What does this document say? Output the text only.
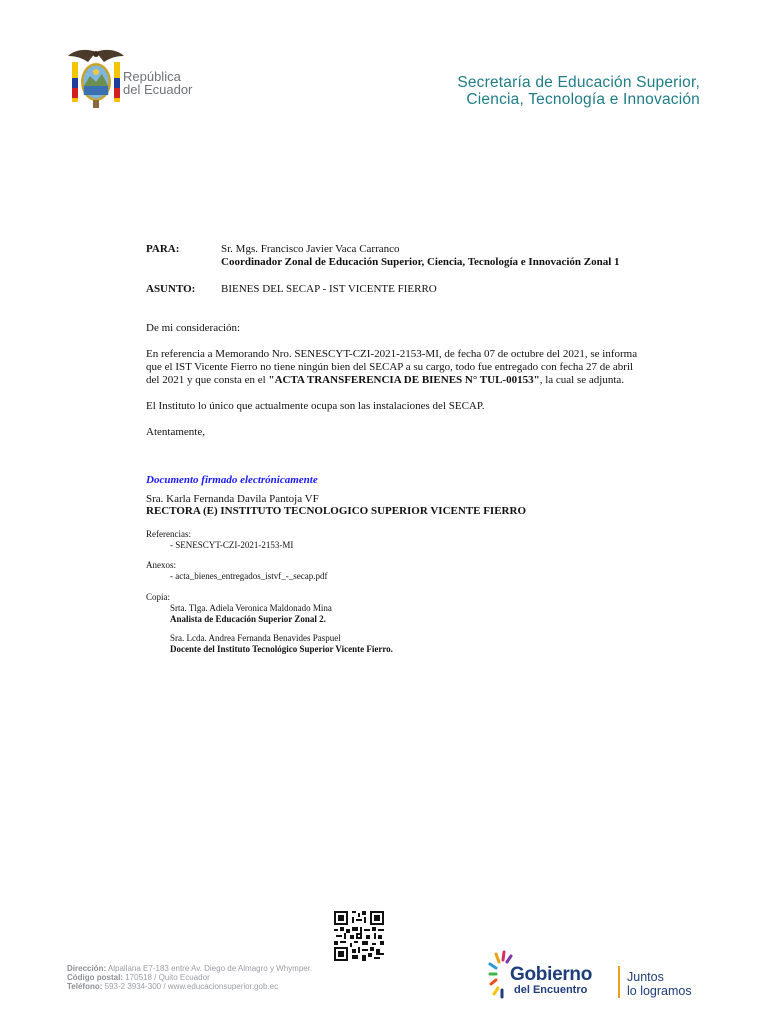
República
del Ecuador	Secretaría de Educación Superior,
Ciencia, Tecnología e Innovación
PARA:	Sr. Mgs. Francisco Javier Vaca Carranco
Coordinador Zonal de Educación Superior, Ciencia, Tecnología e Innovación Zonal 1
ASUNTO: BIENES DEL SECAP - IST VICENTE FIERRO
De mi consideración:
En referencia a Memorando Nro. SENESCYT-CZI-2021-2153-MI, de fecha 07 de octubre del 2021, se informa
que el IST Vicente Fierro no tiene ningún bien del SECAP a su cargo, todo fue entregado con fecha 27 de abril
del 2021 y que consta en el "ACTA TRANSFERENCIA DE BIENES N° TUL-00153", la cual se adjunta.
El Instituto lo único que actualmente ocupa son las instalaciones del SECAP.
Atentamente,
Documento firmado electrónicamente
Sra. Karla Fernanda Davila Pantoja VF
RECTORA (E) INSTITUTO TECNOLOGICO SUPERIOR VICENTE FIERRO
Referencias:
- SENESCYT-CZI-2021-2153-MI
Anexos:
- acta_bienes_entregados_istvf_-_secap.pdf
Copia:
Srta. Tlga. Adiela Veronica Maldonado Mina
Analista de Educación Superior Zonal 2.
Sra. Lcda. Andrea Fernanda Benavides Paspuel
Docente del Instituto Tecnológico Superior Vicente Fierro.
Dirección: Alpallana E7-183 entre Av. Diego de Almagro y Whymper.
Código postal: 170518 / Quito Ecuador
Teléfono: 593-2 3934-300 / www.educacionsuperior.gob.ec
Gobierno
del Encuentro
Juntos
lo logramos
